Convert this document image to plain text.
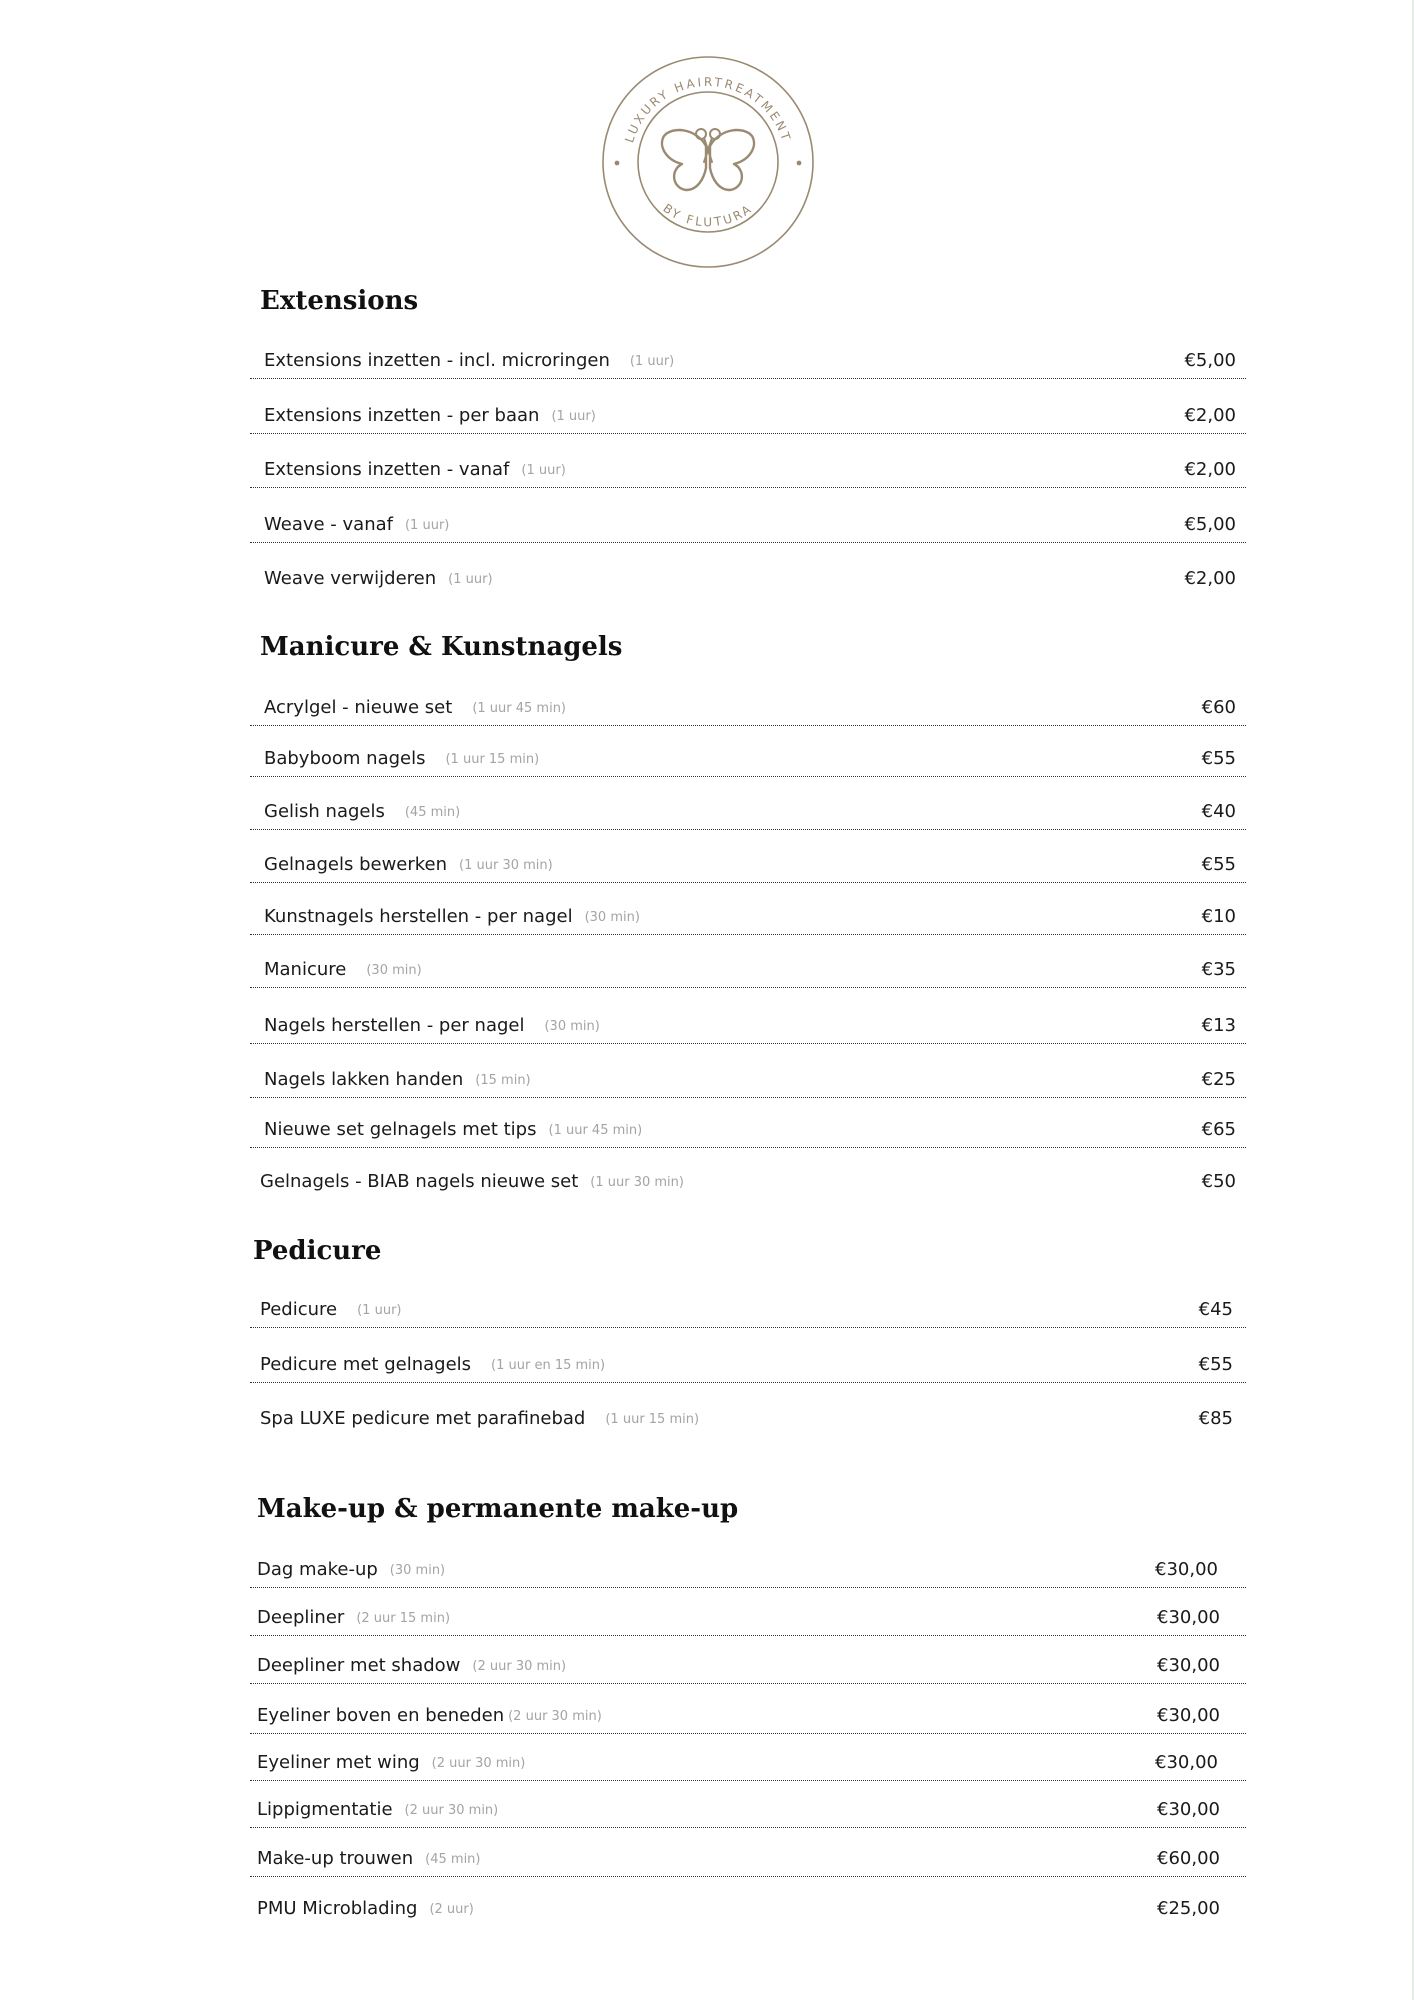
LUXURY HAIRTREATMENT
BY FLUTURA
Extensions
Extensions inzetten - incl. microringen (1 uur)	€5,00
Extensions inzetten - per baan (1 uur)	€2,00
Extensions inzetten - vanaf (1 uur)	€2,00
Weave - vanaf (1 uur)	€5,00
Weave verwijderen (1 uur)	€2,00
Manicure & Kunstnagels
Acrylgel - nieuwe set (1 uur 45 min)	€60
Babyboom nagels (1 uur 15 min)	€55
Gelish nagels (45 min)	€40
Gelnagels bewerken (1 uur 30 min)	€55
Kunstnagels herstellen - per nagel (30 min)	€10
Manicure (30 min)	€35
Nagels herstellen - per nagel (30 min)	€13
Nagels lakken handen (15 min)	€25
Nieuwe set gelnagels met tips (1 uur 45 min)	€65
Gelnagels - BIAB nagels nieuwe set (1 uur 30 min)	€50
Pedicure
Pedicure (1 uur)	€45
Pedicure met gelnagels (1 uur en 15 min)	€55
Spa LUXE pedicure met parafinebad (1 uur 15 min)	€85
Make-up & permanente make-up
Dag make-up (30 min)	€30,00
Deepliner (2 uur 15 min)	€30,00
Deepliner met shadow (2 uur 30 min)	€30,00
Eyeliner boven en beneden (2 uur 30 min)	€30,00
Eyeliner met wing (2 uur 30 min)	€30,00
Lippigmentatie (2 uur 30 min)	€30,00
Make-up trouwen (45 min)	€60,00
PMU Microblading (2 uur)	€25,00
